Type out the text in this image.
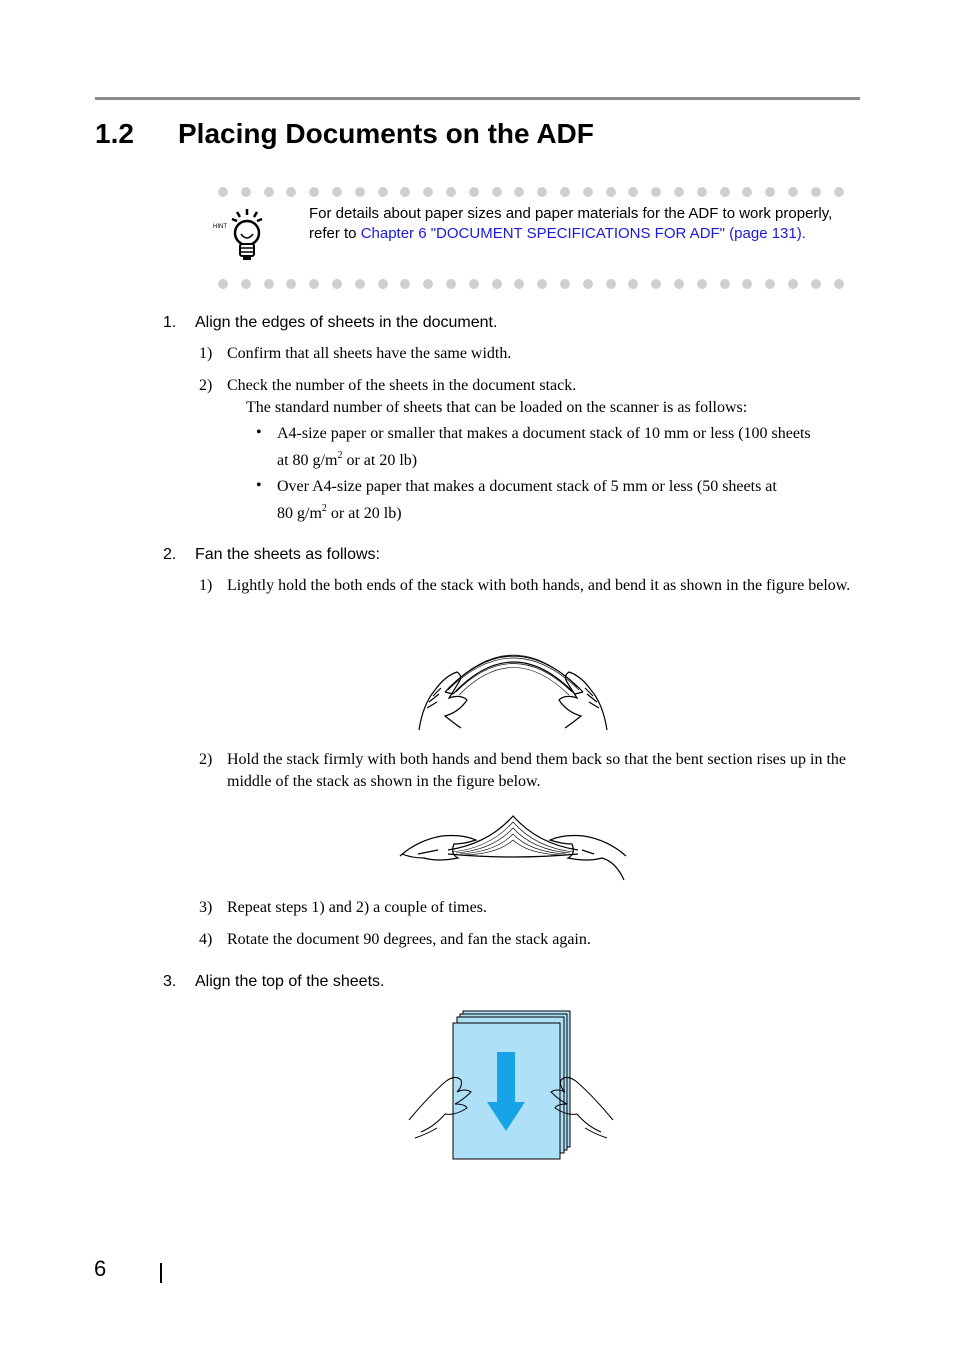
1.2 Placing Documents on the ADF
HINT
For details about paper sizes and paper materials for the ADF to work properly, refer to Chapter 6 "DOCUMENT SPECIFICATIONS FOR ADF" (page 131).
1. Align the edges of sheets in the document.
1) Confirm that all sheets have the same width.
2) Check the number of the sheets in the document stack.
The standard number of sheets that can be loaded on the scanner is as follows:
• A4-size paper or smaller that makes a document stack of 10 mm or less (100 sheets
at 80 $g/m^2$ or at 20 lb)
• Over A4-size paper that makes a document stack of 5 mm or less (50 sheets at
80 $g/m^2$ or at 20 lb)
2. Fan the sheets as follows:
1) Lightly hold the both ends of the stack with both hands, and bend it as shown in the figure below.
2) Hold the stack firmly with both hands and bend them back so that the bent section rises up in the middle of the stack as shown in the figure below.
3) Repeat steps 1) and 2) a couple of times.
4) Rotate the document 90 degrees, and fan the stack again.
3. Align the top of the sheets.
6
